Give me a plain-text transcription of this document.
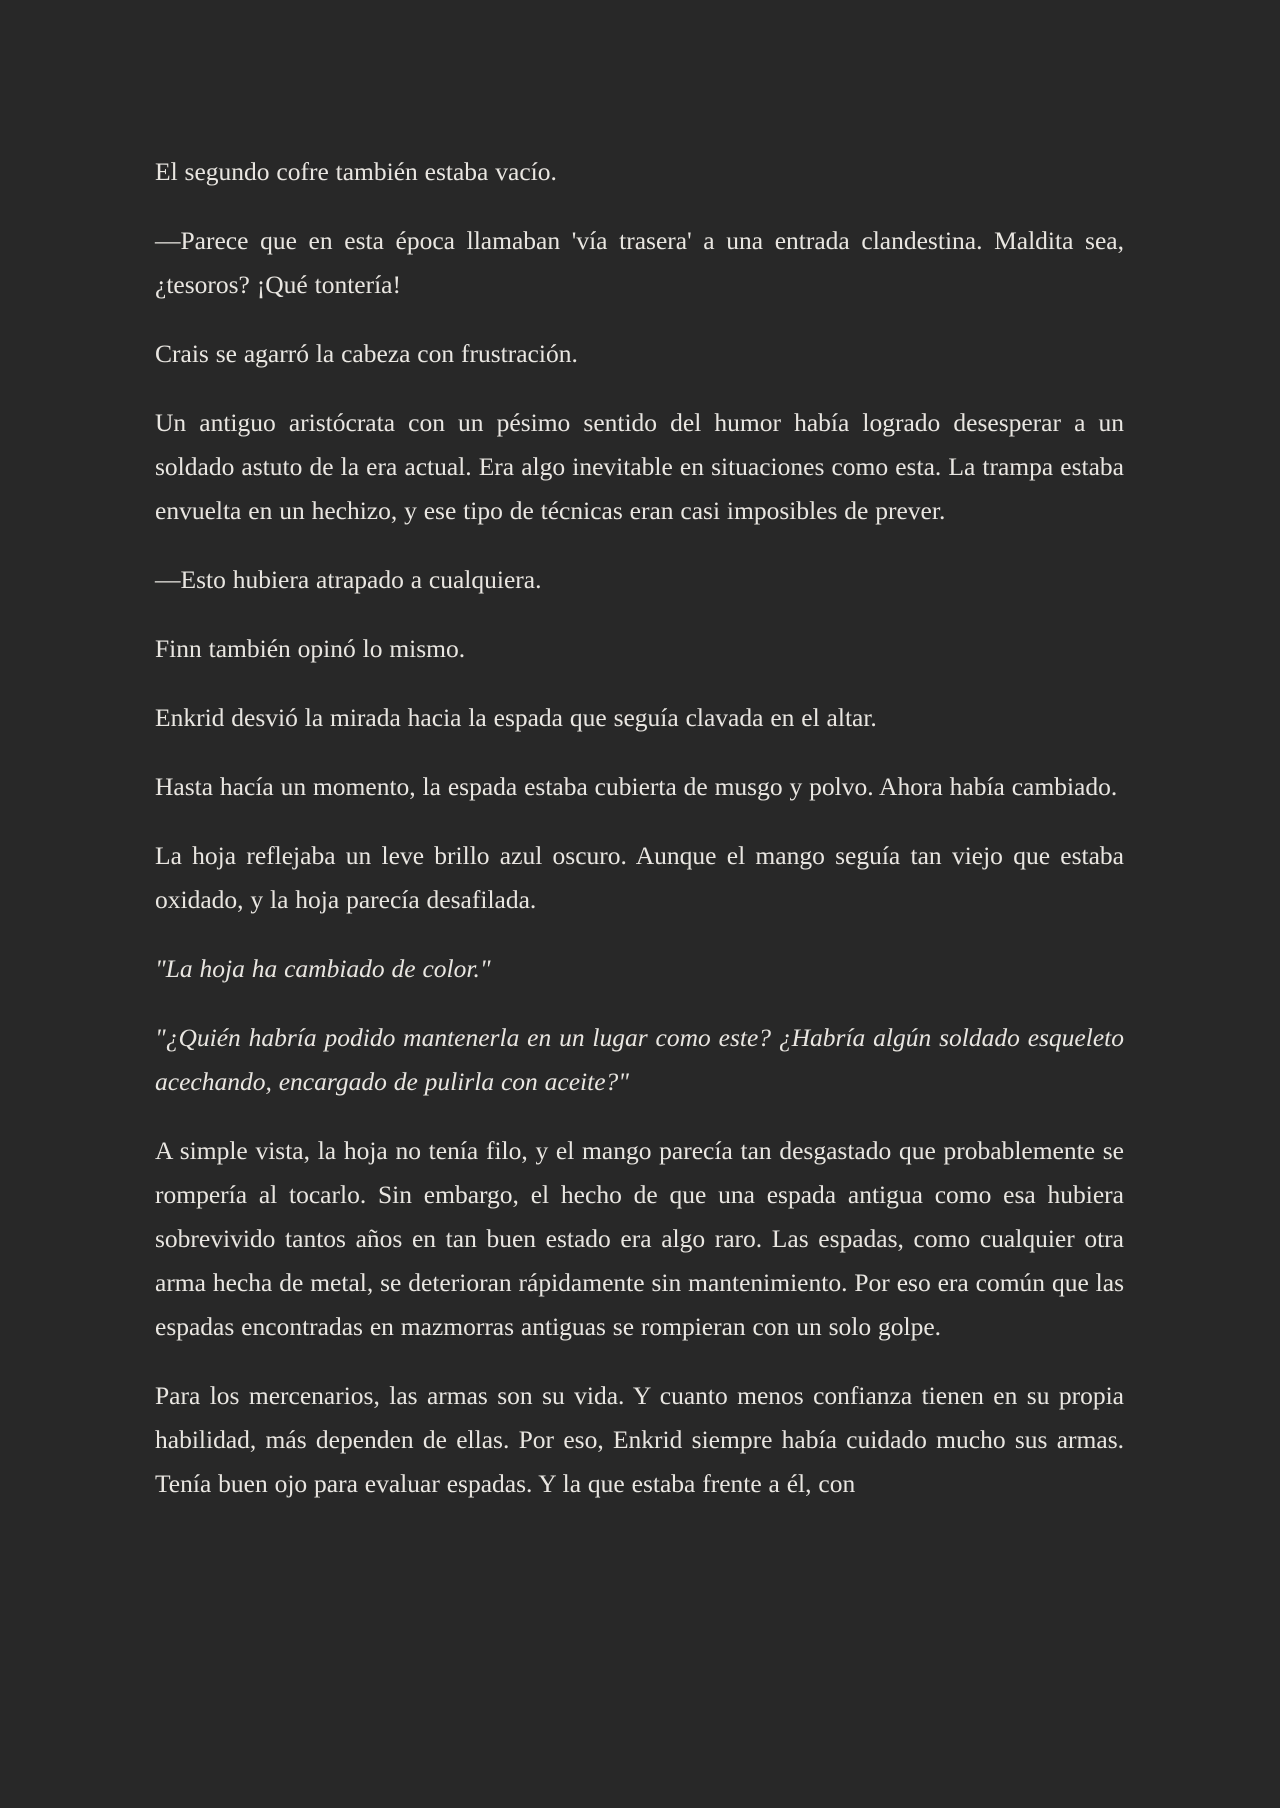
El segundo cofre también estaba vacío.

—Parece que en esta época llamaban 'vía trasera' a una entrada clandestina. Maldita sea, ¿tesoros? ¡Qué tontería!

Crais se agarró la cabeza con frustración.

Un antiguo aristócrata con un pésimo sentido del humor había logrado desesperar a un soldado astuto de la era actual. Era algo inevitable en situaciones como esta. La trampa estaba envuelta en un hechizo, y ese tipo de técnicas eran casi imposibles de prever.

—Esto hubiera atrapado a cualquiera.

Finn también opinó lo mismo.

Enkrid desvió la mirada hacia la espada que seguía clavada en el altar.

Hasta hacía un momento, la espada estaba cubierta de musgo y polvo. Ahora había cambiado.

La hoja reflejaba un leve brillo azul oscuro. Aunque el mango seguía tan viejo que estaba oxidado, y la hoja parecía desafilada.

"La hoja ha cambiado de color."

"¿Quién habría podido mantenerla en un lugar como este? ¿Habría algún soldado esqueleto acechando, encargado de pulirla con aceite?"

A simple vista, la hoja no tenía filo, y el mango parecía tan desgastado que probablemente se rompería al tocarlo. Sin embargo, el hecho de que una espada antigua como esa hubiera sobrevivido tantos años en tan buen estado era algo raro. Las espadas, como cualquier otra arma hecha de metal, se deterioran rápidamente sin mantenimiento. Por eso era común que las espadas encontradas en mazmorras antiguas se rompieran con un solo golpe.

Para los mercenarios, las armas son su vida. Y cuanto menos confianza tienen en su propia habilidad, más dependen de ellas. Por eso, Enkrid siempre había cuidado mucho sus armas. Tenía buen ojo para evaluar espadas. Y la que estaba frente a él, con
